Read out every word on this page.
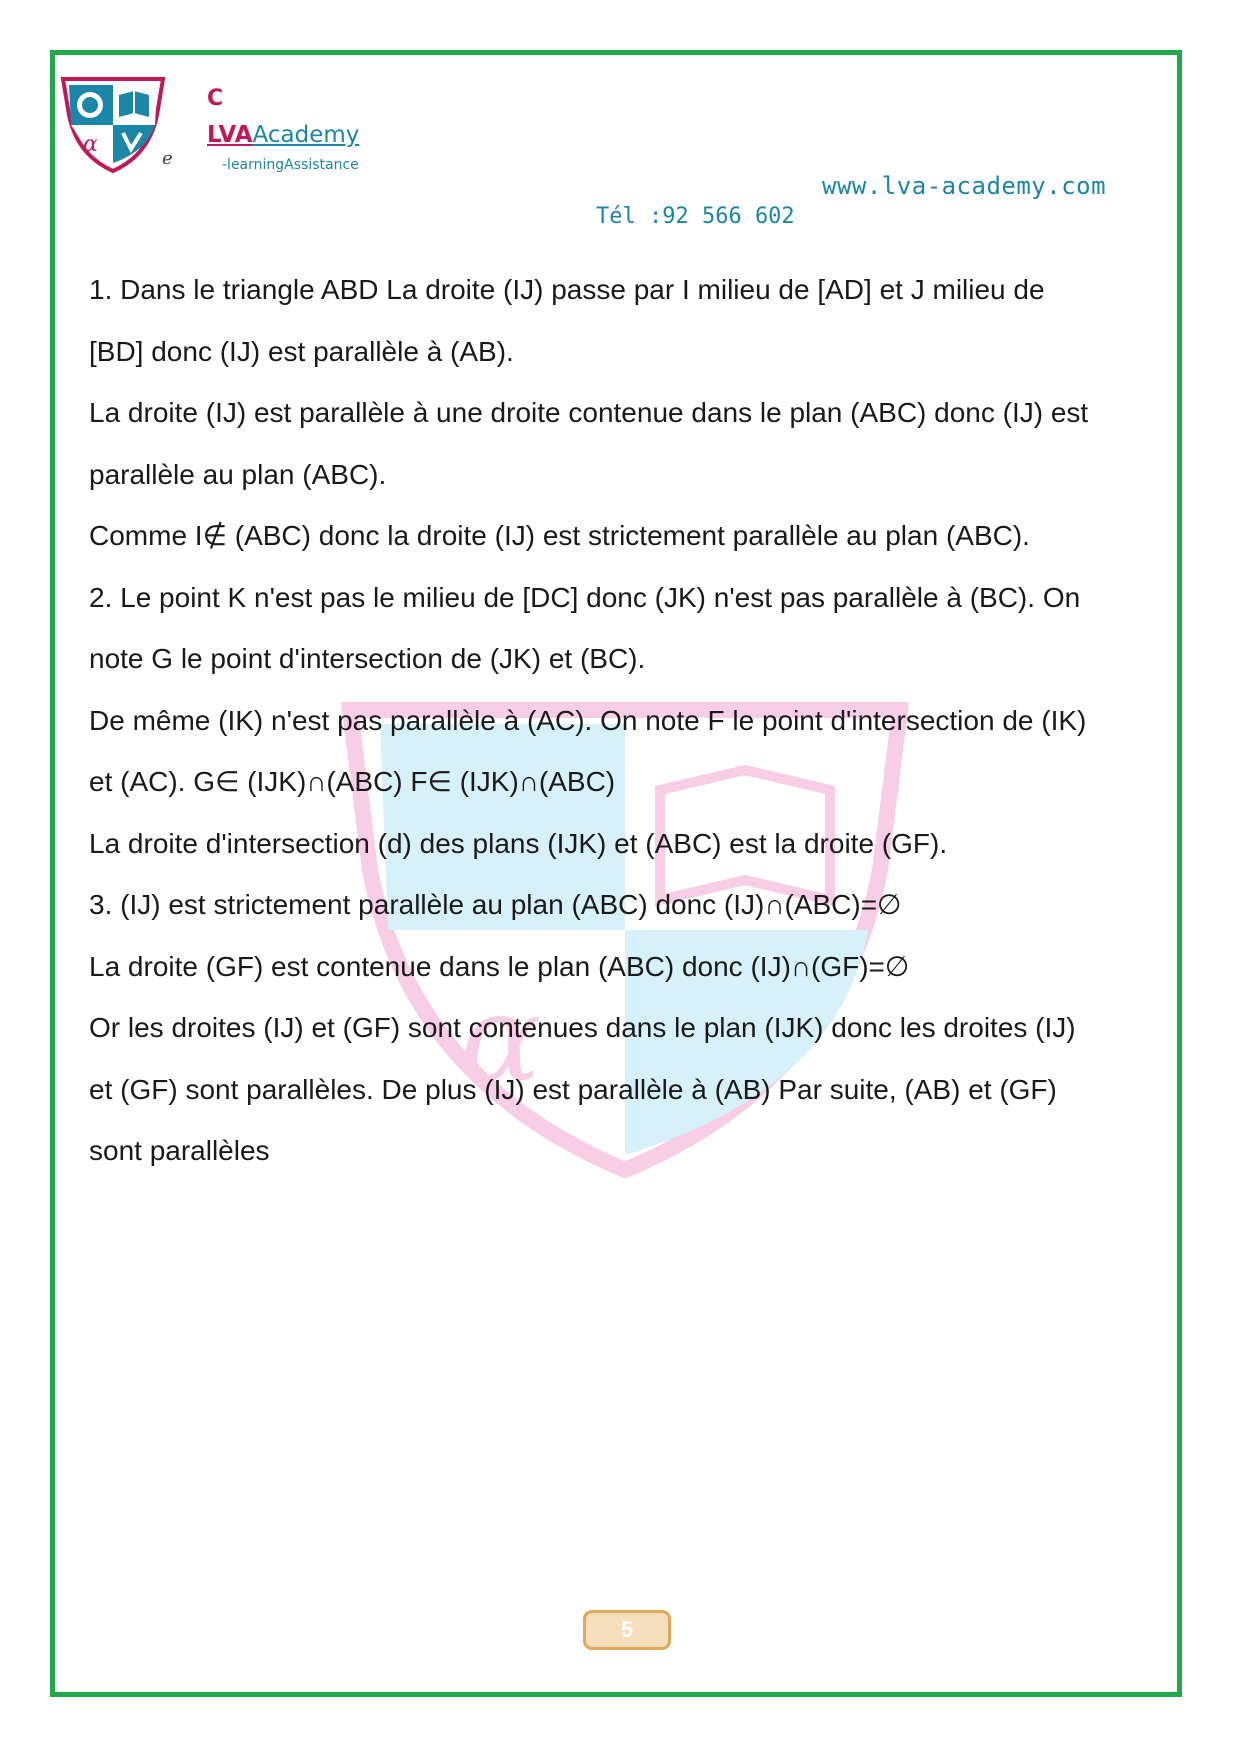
α
C
LVAAcademy
-learningAssistance
e
www.lva-academy.com
Tél :92 566 602
α
1. Dans le triangle ABD La droite (IJ) passe par I milieu de [AD] et J milieu de
[BD] donc (IJ) est parallèle à (AB).
La droite (IJ) est parallèle à une droite contenue dans le plan (ABC) donc (IJ) est
parallèle au plan (ABC).
Comme I∉ (ABC) donc la droite (IJ) est strictement parallèle au plan (ABC).
2. Le point K n'est pas le milieu de [DC] donc (JK) n'est pas parallèle à (BC). On
note G le point d'intersection de (JK) et (BC).
De même (IK) n'est pas parallèle à (AC). On note F le point d'intersection de (IK)
et (AC). G∈ (IJK)∩(ABC) F∈ (IJK)∩(ABC)
La droite d'intersection (d) des plans (IJK) et (ABC) est la droite (GF).
3. (IJ) est strictement parallèle au plan (ABC) donc (IJ)∩(ABC)=∅
La droite (GF) est contenue dans le plan (ABC) donc (IJ)∩(GF)=∅
Or les droites (IJ) et (GF) sont contenues dans le plan (IJK) donc les droites (IJ)
et (GF) sont parallèles. De plus (IJ) est parallèle à (AB) Par suite, (AB) et (GF)
sont parallèles
5
